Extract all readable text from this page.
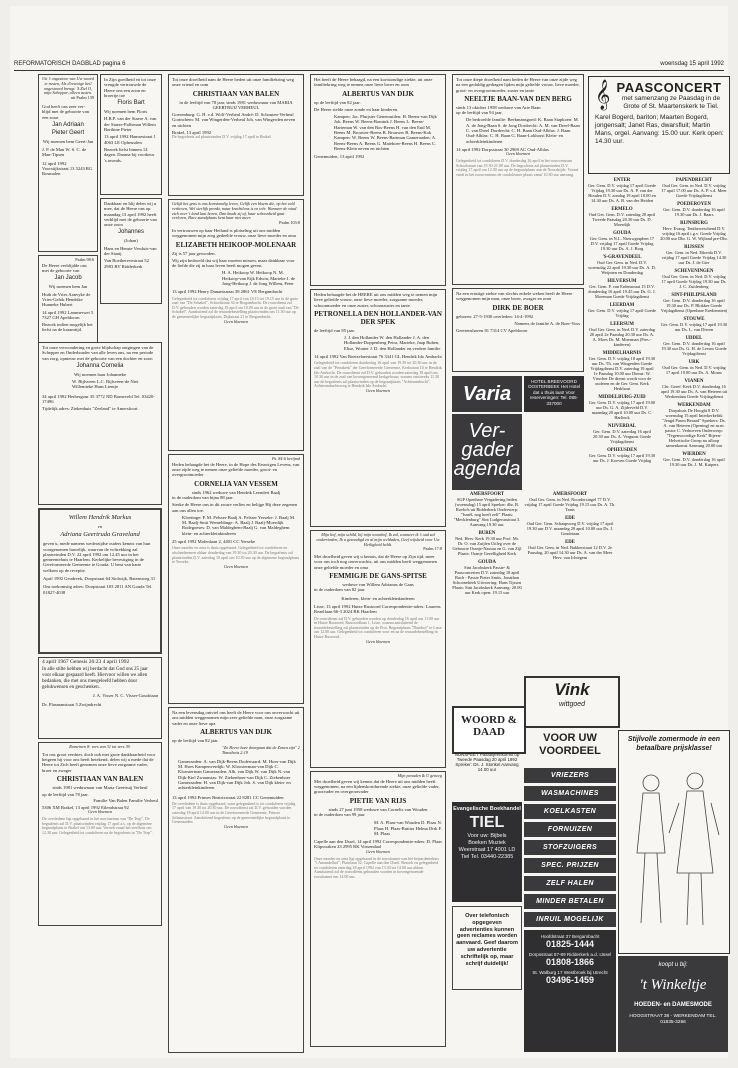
REFORMATORISCH DAGBLAD pagina 6	woensdag 15 april 1992
Uit 't ongeziene van Uw woord te rusten, Als d'eeuwige heil ongestoord brengt. 'k Ziel O, mijn Schepper, alleen tusten.
uit Psalm 139
God heeft ons zeer ver- blijd met de geboorte van een zoon
Jan Adriaan
Pieter Geert
Wij noemen hem Geert-Jan
J. P. de Man W. S. C. de Man-Tipsen
12 april 1992 Voorstijkstraat 13 5243 RG Rosmalen
Psalm 98:6
De Heere verblijdde ons met de geboorte van
Jan Jacob
Wij noemen hem Jan
Huib de Vries Aanvyke de Vries-Gelok Hendrike Hunneke Hubert
14 april 1992 Lammerwei 5 7327 GH Apeldoorn
Bezoek indien mogelijk het liefst na de kraamtijd.
In Zijn goedheid en tot onze vreugde vertrouwde de Heere ons een zoon en broertje toe
Floris Bart
Wij noemen hem Floris
H.B.P. van der Staere A. van der Staere-Palfsman Willem Berthine Pieter
13 april 1992 Hamsestraat 1 4063 LE Opheusden
Bezoek liefst binnen 14 dagen. Daarna bij voorkeur 's avonds.
Dankbaar en blij delen wij u mee, dat de Heere ons op maandag 13 april 1992 heeft verblijd met de geboorte van onze zoon
Johannes
(Johan)
Hans en Henrie Versluis-van der Staaij
Van Boetherevestraat 52 2983 BV Ridderkerk
Tot onze verwondering en grote blijdschap ontgingen van de Schepper en Onderhouder van alle leven ons, na een periode van zorg, opnieuw met de geboorte van een dochter en zoon
Johanna Cornelia
Wij noemen haar Johanneke
W. Bijlsveen L.C. Bijlsveen-de Niet Willemieke Hans Lientje
34 april 1992 Herbergour 35 3772 ND Barneveld Tel. 03420-17496
Tijdelijk adres: Ziekenhuis "Zeeland" te Amersfoort.
Willem Hendrik Markus
en
Adriana Geertruda Graveland
geven u, mede namens wederzijdse ouders kennis van hun voorgenomen huwelijk, waarvan de voltrekking zal plaatsvinden D.V. 22 april 1992 om 12.45 uur in het gemeentehuis te Haarlem. Kerkelijke bevestiging in de Gereformeerde Gemeente te Gouda. U bent van harte welkom op de receptie.
April 1992 Geudreek, Doopstraat 64 Stolwijk, Batensweg 31
Ons toekomstig adres: Doopstraat 103 2811 AN Gouda Tel. 01827-4038
4 april 1967 Genesis 26:23 4 april 1992
In alle stilte hebben wij herdacht dat God ons 25 jaar voor elkaar gespaard heeft. Hiervoor willen we allen bedanken, die met ons meegeleefd hebben door gelukwensen en geschenken.
J. A. Visser N. C. Visser-Goudriaan
Dr. Plasmanstraat 5 Zwijndrecht
Romeinen 8: vers van 31 tot vers 39.
Tot ons groot verdriet, doch ook met grote dankbaarheid voor hetgeen hij voor ons heeft betekend, delen wij u mede dat de Heere tot Zich heeft genomen onze lieve zorgzame vader, broer en zwager
CHRISTIAAN VAN BALEN
sinds 1981 weduwnaar van Maria Geertruij Verheul
op de leeftijd van 78 jaar.
Familie Van Balen Familie Verheul
5306 XM Brakel, 13 april 1992 Eilendstraat 92
Geen bloemen
De overledene ligt opgebaard in het mortuarium van "De Terp". De begrafenis zal D.V. plaatsvinden vrijdag 17 april a.s. op de algemene begraafplaats te Brakel om 13.00 uur. Vertrek vanaf het sterfhuis om 12.30 uur. Gelegenheid tot condoleren na de begrafenis in "De Terp".
Tot onze droefheid nam de Heere heden uit onze familiekring weg onze vriend en oom
CHRISTIAAN VAN BALEN
in de leeftijd van 78 jaar, sinds 1981 weduwnaar van MARIA GEERTRUIJ VERHEUL
Goesenburg: G. H. v.d. Wolf-Verheul André: D. Schouten-Verheul Gorinchem: M. van Wingerden-Verheul Joh. van Wingerden neven en nichten
Brakel, 13 april 1992
De begrafenis zal plaatsvinden D.V. vrijdag 17 april te Brakel.
Gelijk het gras is ons kortstondig leven, Gelijk een bloem die, op het veld verheven, Wel sierlijk pronkt, maar krachtloos is en teêr. Wanneer de wind zich over 't land laat horen, Dan knakt zij af, haar schoonheid gaat verloren, Hare standplaats kent haar niet meer.
Psalm 103:8
In vertrouwen op haar Heiland is plotseling uit ons midden weggenomen mijn zorg gedeelde vrouw, onze lieve moeder en oma
ELIZABETH HEIKOOP-MOLENAAR
Zij is 57 jaar geworden.
Wij zijn bedroefd dat wij haar moeten missen, maar dankbaar voor de liefde die zij in haar leven heeft mogen geven.
H. A. Heikoop W. Heikoop N. M. Heikoop-van Eijk Edwin, Marieke J. de Jong-Heikoop J. de Jong Willem, Peter
13 april 1992 Henry Dunantstraat 38 2861 VE Bergambacht
Gelegenheid tot condoleren vrijdag 17 april van 18.15 tot 19.15 uur in de grote zaal van "De Schakel", Schoolstraat 34 te Bergambacht. De rouwdienst zal D.V. gehouden worden zaterdag 18 april om 10.00 uur in de grote zaal van "De Schakel". Aansluitend zal de teraardebestelling plaatsvinden om 11.30 uur op de gemeentelijke begraafplaats, Dijkstraat 21 te Bergambacht.
Geen bloemen
Ps. 84:6 berijmd
Heden behaagde het de Heere, in de Hope des Eeuwigen Levens, van onze zijde weg te nemen onze geliefde moeder, groot- en overgrootmoeder
CORNELIA VAN VESSEM
sinds 1962 weduwe van Hendrik Leendert Baalj
in de ouderdom van bijna 88 jaar.
Sterke de Heere ons in dit zware verlies en belijge Hij deze zegenen aan ons allen toe.
Kloetinge: P. M. Pelsser-Baalj A. Pelsser Yerseke: J. Baalj M. M. Baalj-Smit Wemeldinge: A. Baalj J. Baalj-Moerdijk Rodegoeses: D. van Maldeghem-Baalj G. van Maldeghem klein- en achterkleinkinderen
25 april 1992 Molenlaan 2, 4401 CC Yerseke
Onze moeder en oma is thuis opgebaard. Gelegenheid tot condoleren en afscheidnemen aldaar donderdag van 19.30 tot 20.30 uur. De begrafenis zal plaatsvinden D.V. zaterdag 18 april om 10.30 uur op de algemene begraafplaats te Yerseke.
Geen bloemen
Na een levensdag ontviel ons heeft de Heere voor ons onverwacht uit ons midden weggenomen mijn zeer geliefde man, onze zorgzame vader en onze lieve opa
ALBERTUS VAN DIJK
op de leeftijd van 82 jaar.
"Zo Heere hare doorgaan dat de Zonen zijn" 2 Timotheüs 2:19
Gameraaden: A. van Dijk-Beens Dodewaard: M. Hoes-van Dijk M. Hoes Kampenverdijk: W. Kloosterman-van Dijk C. Kloosterman Gameraaden: Alb. van Dijk W. van Dijk N. van Dijk-Kiel Zwaansias: W. Ziekenhoer-van Dijk C. Ziekenhoer Gameraaden: H. van Dijk-van Dijk Joh. S. van Dijk klein- en achterkleinkinderen
13 april 1992 Prinses Beatrixstraat 22 8281 CC Genemuiden
De overledene is thuis opgebaard, waar gelegenheid is tot condoleren vrijdag 17 april van 19.30 tot 20.30 uur. De rouwdienst zal D.V. gehouden worden zaterdag 18 april 14.00 uur in de Gereformeerde Gemeente, Prinses Julianastraat. Aansluitend begrafenis op de gemeentelijke begraafplaats te Genemuiden.
Geen bloemen
Het heeft de Heere behaagd, na een kortstondige ziekte, uit onze familiekring weg te nemen onze lieve broer en oom
ALBERTUS VAN DIJK
op de leeftijd van 82 jaar.
De Heere stelde onze zonde en haar kinderen.
Kampen: Jac. Pluijsier Genemuiden: H. Beens-van Dijk Joh. Beens W. Beens-Bomink J. Beens L. Beens-Harteman W. van den Bos-Beens H. van den End M. Beens M. Brouwer-Beens B. Brouwer B. Beens-Kok Kampen: W. Beens W. Beens-Bartman Gameraaden: A. Beens-Beens A. Beens G. Mateboer-Beens H. Beens C. Beens-Klein neven en nichten
Genemuiden, 13 april 1992
Heden behaagde het de HEERE uit ons midden weg te nemen mijn lieve geliefde vrouw, onze lieve moeder, zorgzame moeder, schoonmoeder en onze zuster, schoonzuster en tante
PETRONELLA DEN HOLLANDER-VAN DER SPEK
de leeftijd van 85 jaar.
J. J. den Hollander W. den Hollander J. A. den Hollander-Doppenberg Petra, Marieke, Jaap Ruben, Elise, Wouter J. D. den Hollander en verdere familie
14 april 1992 Van Boetzelaerstraat 76 3341 GL Hendrik Ido Ambacht
Gelegenheid tot condoleren donderdag 16 april van 19.30 tot 20.30 uur in de zaal van de "Petrakerk" der Gereformeerde Gemeente, Kerkstraat 10 te Hendrik Ido Ambacht. De rouwdienst zal D.V. gehouden worden zaterdag 18 april om 10.30 uur in de zaal van bovengenoemd kerkgebouw, waarna omstreeks 11.30 uur de begrafenis zal plaatsvinden op de begraafplaats "Achterambacht", Achterambachtsweg te Hendrik Ido Ambacht.
Geen bloemen
Mijn hof, mijn schild, bij mijn woonhof, Ik zal, wanneer ik 't oud zal ondervinden, Ik u gezondigd en al mijn weldaden, Geef wijsheid voor Uw Heiligheid heldt.
Psalm 17:8
Met droefheid geven wij u kennis, dat de Heere op Zijn tijd, meer voor ons toch nog onverwachts, uit ons midden heeft weggenomen onze geliefde moeder en oma
FEMMIGJE DE GANS-SPITSE
weduwe van Willem Adrianus de Gans
in de ouderdom van 82 jaar.
Kinderen, klein- en achterkleinkinderen
Lisse, 13 april 1992 Huize Rustoord Correspondentie-adres: Laurens Reaelfaan 66-3 2024 BK Haarlem
De rouwdienst zal D.V. gehouden worden op donderdag 16 april om 11.00 uur in Huize Rustoord, Rustoordlaan 1, Lisse, waarna aansluitend de teraardebestelling zal plaatsvinden op de Prot. Begraafplaats "Duinhof" te Lisse om 12.00 uur. Gelegenheid tot condoleren voor en na de teraardebestelling in Huize Rustoord.
Geen bloemen
Mijn penaden & U geneeg
Met droefheid geven wij kennis dat de Heere uit ons midden heeft weggenomen, na een lijdenskortdurende ziekte, onze geliefde vader, grootvader en overgrootvader
PIETIE VAN RIJS
sinds 27 juni 1958 weduwe van Cornelis van Wouden
in de ouderdom van 99 jaar.
M. A. Plaas-van Wouden D. Plaas N. Plaas H. Plaas-Buitter Helma Dirk F. M. Plaas
Capelle aan den IJssel, 14 april 1992 Correspondentie-adres: D. Plaas Klipswaken 23 2995 RK Vossendaal
Geen bloemen
Onze moeder en oma ligt opgebaard in de rouwkamer van het bejaardentehuis "'t Amandelhof", Platolaan 52, Capelle aan den IJssel. Bezoek en gelegenheid tot condoleren zaterdag 18 april 1992 van 13.30 tot 14.00 uur aldaar. Aansluitend zal de rouwdienst gehouden worden in bovengenoemde rouwkamer om 14.00 uur.
Tot onze diepe droefheid nam heden de Heere van onze zijde weg na een geduldig gedragen lijden mijn geliefde vrouw, lieve moeder, groot- en overgrootmoeder, zuster en tante
NEELTJE BAAN-VAN DEN BERG
sinds 13 oktober 1958 weduwe van Arie Baan
op de leeftijd van 94 jaar.
De bedroefde familie: Beekmansgoed: K. Baan Stapkoen: M. A. de Jong-Baan S. de Jong Dordrecht: A. M. van Dreel-Baan C. van Dreel Dordrecht: C. H. Baan Oud-Alblas: J. Baan Oud-Alblas: C. H. Baan G. Baan-Lokhorst Klein- en achterkleinkinderen
14 april 1992 Dorpsstraat 30 2969 AC Oud-Alblas
Geen bloemen
Gelegenheid tot condoleren D.V. donderdag 16 april in het rouwcentrum Schoolstraat van 19.30-21.00 uur. De begrafenis zal plaatsvinden D.V. vrijdag 17 april om 12.00 uur op de begraafplaats aan de Noordzijde. Vooraf vindt in het rouwcentrum de condoleance plaats vanaf 10.30 uur aanvang.
Na een ernstige ziekte van slechts enkele weken heeft de Heere weggenomen mijn man, onze broer, zwager en oom
DIRK DE BOER
geboren: 27-5-1930 overleden: 14-4-1992
Namens de familie A. de Boer-Voss
Geertenshaven 81 7314 CV Apeldoorn
𝄞 PAASCONCERT
met samenzang ze Paasdag in de Grote of St. Maartenskerk te Tiel.
Karel Bogerd, bariton; Maarten Bogerd, jongensalt; Janet Ras, dwarsfluit; Martin Mans, orgel. Aanvang: 15.00 uur. Kerk open: 14.30 uur.
ENTER
Ger. Gem. D.V. vrijdag 17 april Goede Vrijdag 19.30 uur Ds. A. P. van der Houden D.V. zondag 19 april 10.00 en 14.30 uur Ds. A. B. van der Heiden
ERMELO
Oud Ger. Gem. D.V. zaterdag 20 april Tweede Paasdag 20.30 uur Ds. D. Moerdijk
GOUDA
Ger. Gem. in N.L. Nieuwgraphen 17 D.V. vrijdag 17 april Goede Vrijdag 19.30 uur Ds. A. J. Borg
'S-GRAVENDEEL
Oud Ger. Gem. in Ned. D.V. woensdag 22 april 19.30 uur Ds. A. D. Weijmen en Donderdag
HILVERSUM
Ger. Gem. P. van Erdenstraat 15 D.V. donderdag 16 april 19.45 uur Ds. G. J. Moerman Goede Vrijdagdienst
LEERDAM
Ger. Gem. D.V. vrijdag 17 april Goede Vrijdag
LEERSUM
Oud Ger. Gem. in Ned. D.V. zaterdag 20 april 2e Paasdag 20.30 uur Ds. A. A. Moes Dr. M. Moerman (Pres.- kinderen)
MIDDELHARNIS
Ger. Gem. D.V. vrijdag 18 april 19.30 uur Ds. Th. van Wingerden Goede Vrijdagdienst D.V. zaterdag 19 april 1e Paasdag 10.00 uur Dienst: W. Visscher De dienst wordt voor de ouderen en de Ger. Gem. Kerk Herkhout
MIDDELBURG-ZUID
Ger. Gem. D.V. vrijdag 17 april 19.00 uur Ds. G. A. Zijderveld D.V. maandag 20 april 10.00 uur Ds. C. Harlinck
NIJVERDAL
Ger. Gem. D.V. zaterdag 16 april 20.30 uur Ds. A. Vergunst Goede Vrijdagdienst
OPHEUSDEN
Ger. Gem. D.V. vrijdag 17 april 19.30 uur Ds. J. Koeven Goede Vrijdag
PAPENDRECHT
Oud Ger. Gem. in Ned. D.V. vrijdag 17 april 17.00 uur Ds. A. P. v.d. Meer Goede Vrijdagdienst
POEDEROYEN
Ger. Gem. D.V. donderdag 16 april 19.30 uur Ds. J. Baars
RIJNSBURG
Herv. Evang. Tentbeweschend D.V. vrijdag 16 april t.g.v. Goede Vrijdag 20.00 uur Dhr. G. W. Wijland pre-Dhr.
RIJSSEN
Ger. Gem. in Ned. Eikenla D.V. vrijdag 17 april Goede Vrijdag 14.30 uur Ds. J. de Gier
SCHEVENINGEN
Oud Ger. Gem. in Ned. D.V. vrijdag 17 april Goede Vrijdag 19.30 uur Ds. J. C. Zuidenberg
SINT-PHILIPSLAND
Ger. Gem. D.V. donderdag 16 april 19.30 uur Ds. P. Blokker Goede Vrijdagdienst (Openbare Erediensten)
STOUWE
Ger. Gem. D.V. vrijdag 17 april 19.30 uur Ds. L. van Dieren
UDDEL
Ger. Gem. D.V. donderdag 16 april 19.30 uur Ds. G. H. de Leeuw Goede Vrijdagdienst
URK
Oud Ger. Gem. in Ned. D.V. vrijdag 17 april 19.00 uur Ds. A. Mouw
VIANEN
Chr. Geref. Kerk D.V. donderdag 16 april 19.30 uur Ds. A. van Heteren uit Werkendam Goede Vrijdagdienst
WERKENDAM
Dorpshuis De Hooght 8 D.V. woensdag 15 april Interkerkeliik "Jeugd Pasen Beraad" Sprekers: Ds. A. van Heteren (Opening) en m.m. pastor C. Verhoeven Onderwerp: "Tegenwoordige Kerk" Bijeen-Helvetische Groep na afloop samenkomst Aanvang 20.00 uur
WIERDEN
Ger. Gem. D.V. donderdag 16 april 19.30 uur Ds. J. M. Kuipers
Varia
HOTEL BREEVOORD OOSTERBEEK Het Hotel dat u thuis laat! Voor reserveringen: Tel. 085-337000
Ver- gader agenda
AMERSFOORT
SGP Openbare Vergadering heden (woensdag) 15 april Spreker: dhr. B. Roelofs uit Ridderkerk Onderwerp: "Israël, nog heeft zelf" Plaats: "Mecklenburg" Sint Ludgerusstraat 3. Aanvang 19.30 uur.
BUREN
Ned. Herv. Kerk 19.30 uur Prof. Mr. Dr. O. van Zuijlen Uitleg over de Geboorte Oranje-Nassau en G. van Zijl Plaats: Oranje Gezelligheid Kerk
GOUDA
Sint Jacobskerk Passie- & Paasconcerten D.V. zaterdag 18 april Bach - Passie Pieter Smits, Jonathan Schoonebeek Uitvoering: Hans Tijssen Plaats: Sint Jacobskerk Aanvang: 20.00 uur Kerk open: 19.15 uur
AMERSFOORT
Oud Ger. Gem. in Ned. Noordersingel 77 D.V. vrijdag 17 april Goede Vrijdag 19.15 uur Ds. A. Th. Tanis
EDE
Oud Ger. Gem. Schaapsweg D.V. vrijdag 17 april 19.30 uur D.V. maandag 20 april 10.00 uur Ds. J. Goudriaan
EDE
Oud Ger. Gem. in Ned. Bakkerstraat 12 D.V. 2e Paasdag, 20 april 14.30 uur Ds. A. van der Meer Herv. van Ichtegem
WOORD & DAAD
NUNSPEET Paasbijeenkomst op Tweede Paasdag 20 april 1992 Spreker: Ds. J. Stonkel Aanvang 14.00 uur
Evangelische Boekhandel
TIEL
Voor uw: Bijbels Boeken Muziek Weerstraat 17 4001 LD Tiel Tel. 03440-22385
Over telefonisch opgegeven advertenties kunnen geen reclames worden aanvaard. Geef daarom uw advertentie schriftelijk op, maar schrijf duidelijk!
Vink
wittgoed
VOOR UW VOORDEEL
VRIEZERS
WASMACHINES
KOELKASTEN
FORNUIZEN
STOFZUIGERS
SPEC. PRIJZEN
ZELF HALEN
MINDER BETALEN
INRUIL MOGELIJK
Hoofdstraat 37 Bergambacht
01825-1444
Dorpsstraat 87-89 Ridderkerk a.d. IJssel
01808-1866
St. Walburg 17 Westbroek bij Utrecht
03496-1459
Stijlvolle zomermode in een betaalbare prijsklasse!
koopt u bij:
't Winkeltje
HOEDEN- en DAMESMODE
HOOGSTRAAT 38 - WERKENDAM TEL. 01835-3266
